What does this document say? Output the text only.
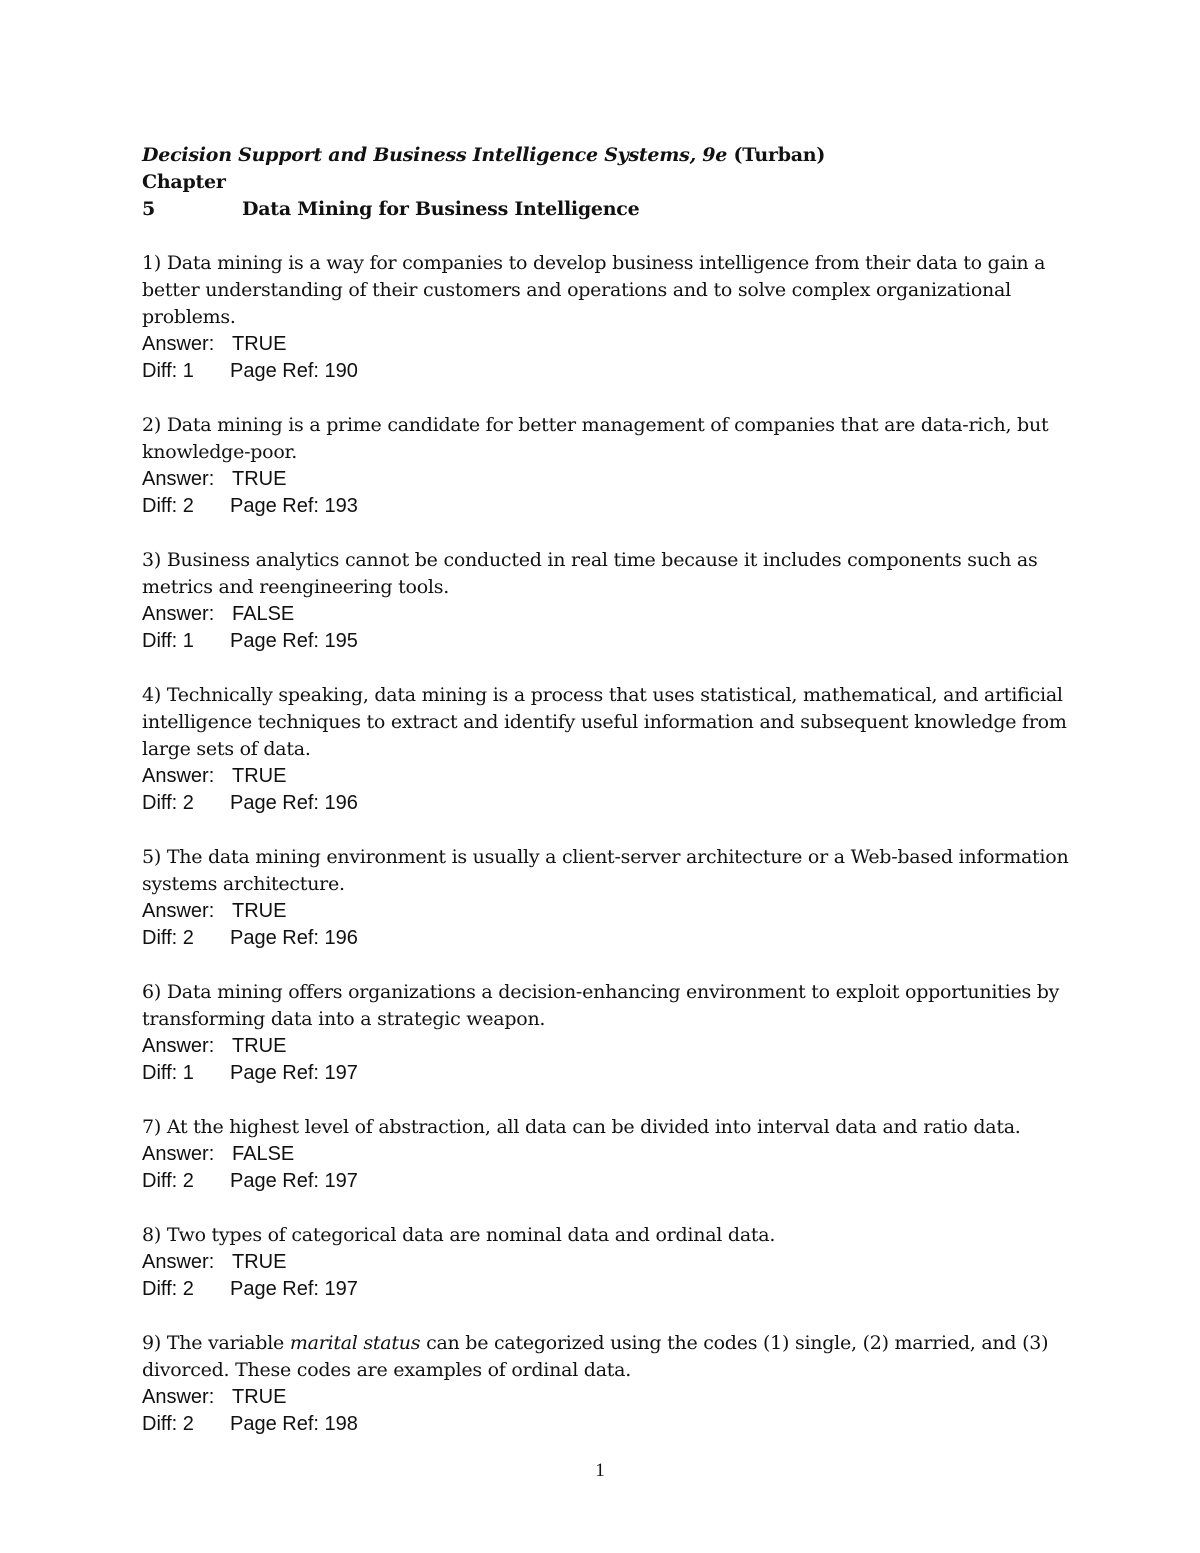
Decision Support and Business Intelligence Systems, 9e (Turban)
Chapter 5	Data Mining for Business Intelligence
1) Data mining is a way for companies to develop business intelligence from their data to gain a better understanding of their customers and operations and to solve complex organizational problems.
Answer: TRUE
Diff: 1 Page Ref: 190
2) Data mining is a prime candidate for better management of companies that are data-rich, but knowledge-poor.
Answer: TRUE
Diff: 2 Page Ref: 193
3) Business analytics cannot be conducted in real time because it includes components such as metrics and reengineering tools.
Answer: FALSE
Diff: 1 Page Ref: 195
4) Technically speaking, data mining is a process that uses statistical, mathematical, and artificial intelligence techniques to extract and identify useful information and subsequent knowledge from large sets of data.
Answer: TRUE
Diff: 2 Page Ref: 196
5) The data mining environment is usually a client-server architecture or a Web-based information systems architecture.
Answer: TRUE
Diff: 2 Page Ref: 196
6) Data mining offers organizations a decision-enhancing environment to exploit opportunities by transforming data into a strategic weapon.
Answer: TRUE
Diff: 1 Page Ref: 197
7) At the highest level of abstraction, all data can be divided into interval data and ratio data.
Answer: FALSE
Diff: 2 Page Ref: 197
8) Two types of categorical data are nominal data and ordinal data.
Answer: TRUE
Diff: 2 Page Ref: 197
9) The variable marital status can be categorized using the codes (1) single, (2) married, and (3) divorced. These codes are examples of ordinal data.
Answer: TRUE
Diff: 2 Page Ref: 198
1
